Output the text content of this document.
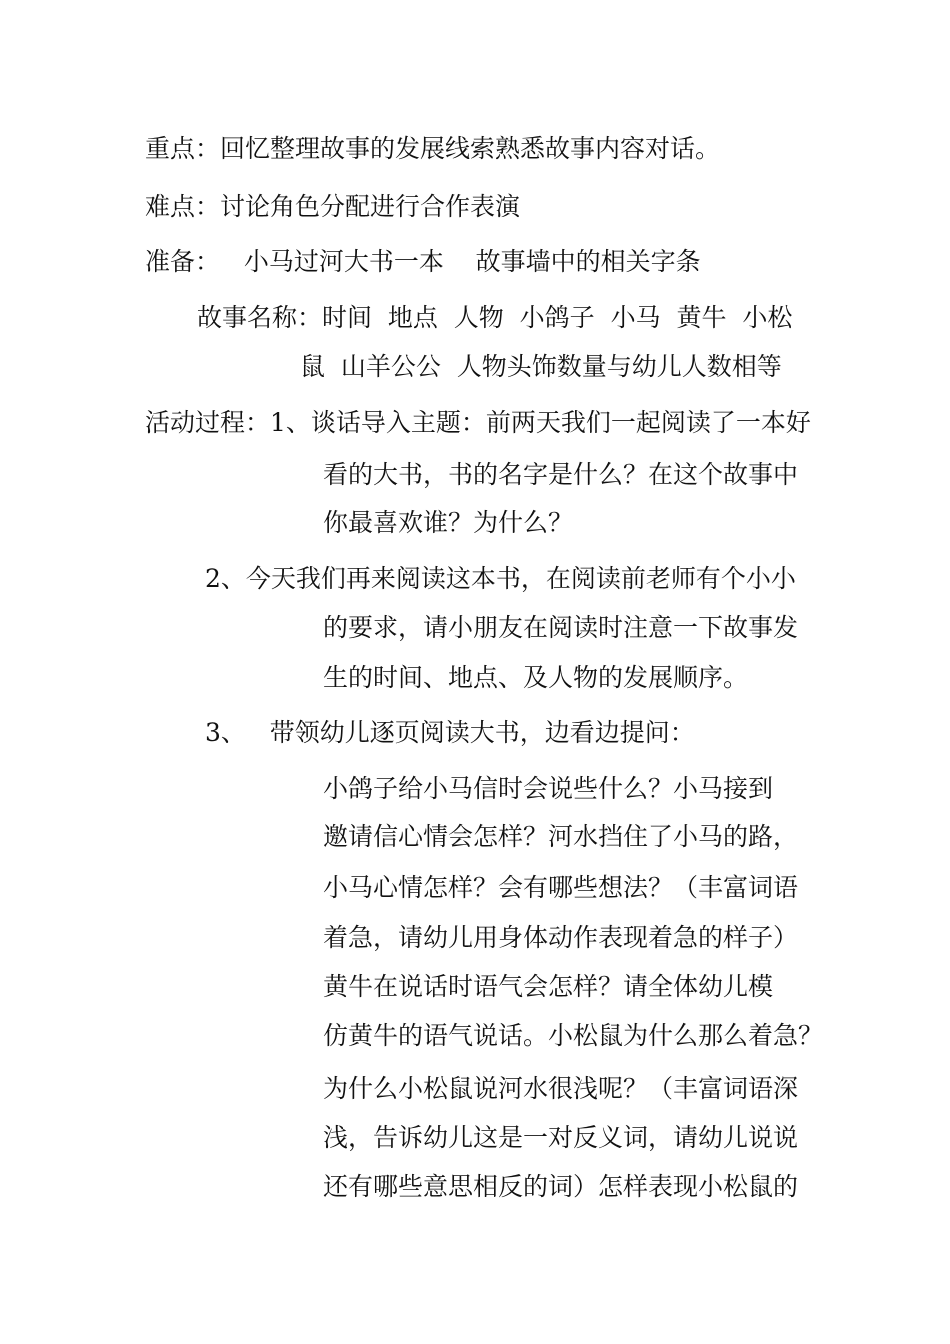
重点：回忆整理故事的发展线索熟悉故事内容对话。
难点：讨论角色分配进行合作表演
准备：   小马过河大书一本    故事墙中的相关字条
故事名称：时间  地点  人物  小鸽子  小马  黄牛  小松
鼠  山羊公公  人物头饰数量与幼儿人数相等
活动过程：1、谈话导入主题：前两天我们一起阅读了一本好
看的大书，书的名字是什么？在这个故事中
你最喜欢谁？为什么？
2、今天我们再来阅读这本书，在阅读前老师有个小小
的要求，请小朋友在阅读时注意一下故事发
生的时间、地点、及人物的发展顺序。
3、   带领幼儿逐页阅读大书，边看边提问：
小鸽子给小马信时会说些什么？小马接到
邀请信心情会怎样？河水挡住了小马的路，
小马心情怎样？会有哪些想法？（丰富词语
着急，请幼儿用身体动作表现着急的样子）
黄牛在说话时语气会怎样？请全体幼儿模
仿黄牛的语气说话。小松鼠为什么那么着急？
为什么小松鼠说河水很浅呢？（丰富词语深
浅，告诉幼儿这是一对反义词，请幼儿说说
还有哪些意思相反的词）怎样表现小松鼠的
